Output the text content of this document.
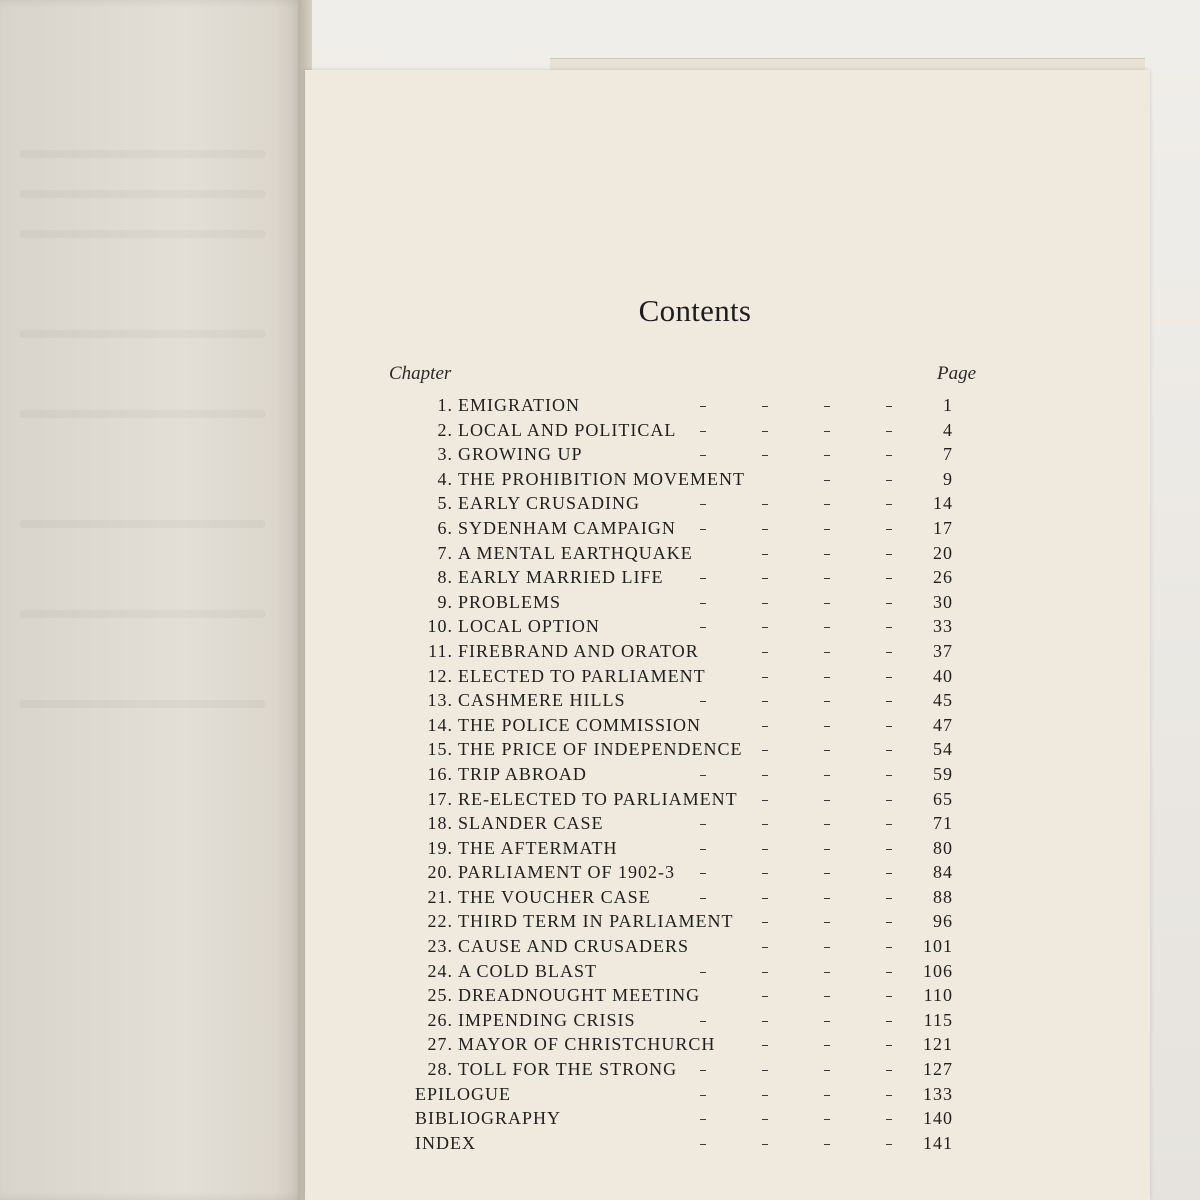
Contents
Chapter	Page
1. EMIGRATION	1
2. LOCAL AND POLITICAL	4
3. GROWING UP	7
4. THE PROHIBITION MOVEMENT	9
5. EARLY CRUSADING	14
6. SYDENHAM CAMPAIGN	17
7. A MENTAL EARTHQUAKE	20
8. EARLY MARRIED LIFE	26
9. PROBLEMS	30
10. LOCAL OPTION	33
11. FIREBRAND AND ORATOR	37
12. ELECTED TO PARLIAMENT	40
13. CASHMERE HILLS	45
14. THE POLICE COMMISSION	47
15. THE PRICE OF INDEPENDENCE	54
16. TRIP ABROAD	59
17. RE-ELECTED TO PARLIAMENT	65
18. SLANDER CASE	71
19. THE AFTERMATH	80
20. PARLIAMENT OF 1902-3	84
21. THE VOUCHER CASE	88
22. THIRD TERM IN PARLIAMENT	96
23. CAUSE AND CRUSADERS	101
24. A COLD BLAST	106
25. DREADNOUGHT MEETING	110
26. IMPENDING CRISIS	115
27. MAYOR OF CHRISTCHURCH	121
28. TOLL FOR THE STRONG	127
EPILOGUE	133
BIBLIOGRAPHY	140
INDEX	141
